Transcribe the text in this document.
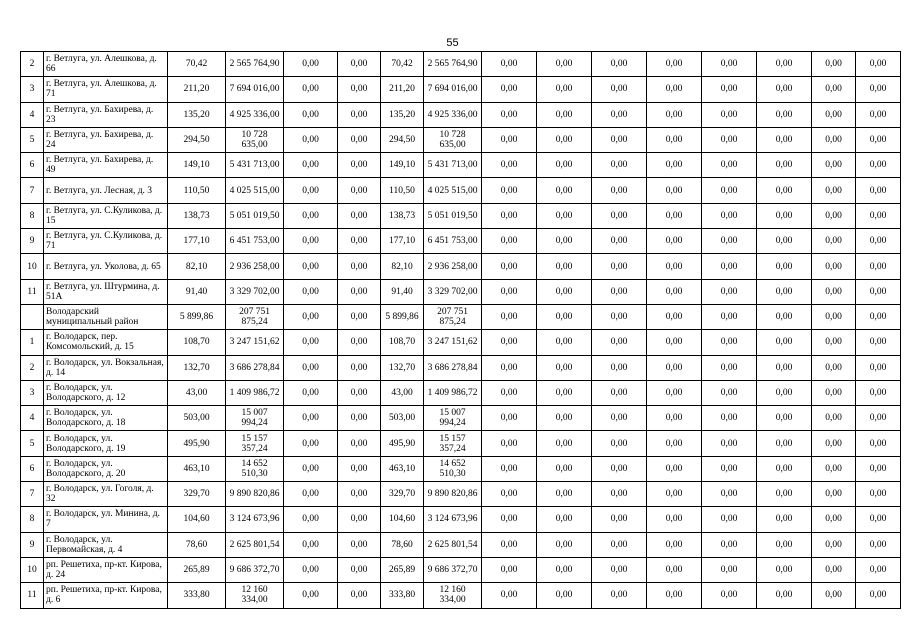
55
2	г. Ветлуга, ул. Алешкова, д. 66	70,42	2 565 764,90	0,00	0,00	70,42	2 565 764,90	0,00	0,00	0,00	0,00	0,00	0,00	0,00	0,00
3	г. Ветлуга, ул. Алешкова, д. 71	211,20	7 694 016,00	0,00	0,00	211,20	7 694 016,00	0,00	0,00	0,00	0,00	0,00	0,00	0,00	0,00
4	г. Ветлуга, ул. Бахирева, д. 23	135,20	4 925 336,00	0,00	0,00	135,20	4 925 336,00	0,00	0,00	0,00	0,00	0,00	0,00	0,00	0,00
5	г. Ветлуга, ул. Бахирева, д. 24	294,50	10 728 635,00	0,00	0,00	294,50	10 728 635,00	0,00	0,00	0,00	0,00	0,00	0,00	0,00	0,00
6	г. Ветлуга, ул. Бахирева, д. 49	149,10	5 431 713,00	0,00	0,00	149,10	5 431 713,00	0,00	0,00	0,00	0,00	0,00	0,00	0,00	0,00
7	г. Ветлуга, ул. Лесная, д. 3	110,50	4 025 515,00	0,00	0,00	110,50	4 025 515,00	0,00	0,00	0,00	0,00	0,00	0,00	0,00	0,00
8	г. Ветлуга, ул. С.Куликова, д. 15	138,73	5 051 019,50	0,00	0,00	138,73	5 051 019,50	0,00	0,00	0,00	0,00	0,00	0,00	0,00	0,00
9	г. Ветлуга, ул. С.Куликова, д. 71	177,10	6 451 753,00	0,00	0,00	177,10	6 451 753,00	0,00	0,00	0,00	0,00	0,00	0,00	0,00	0,00
10	г. Ветлуга, ул. Уколова, д. 65	82,10	2 936 258,00	0,00	0,00	82,10	2 936 258,00	0,00	0,00	0,00	0,00	0,00	0,00	0,00	0,00
11	г. Ветлуга, ул. Штурмина, д. 51А	91,40	3 329 702,00	0,00	0,00	91,40	3 329 702,00	0,00	0,00	0,00	0,00	0,00	0,00	0,00	0,00
	Володарский муниципальный район	5 899,86	207 751 875,24	0,00	0,00	5 899,86	207 751 875,24	0,00	0,00	0,00	0,00	0,00	0,00	0,00	0,00
1	г. Володарск, пер. Комсомольский, д. 15	108,70	3 247 151,62	0,00	0,00	108,70	3 247 151,62	0,00	0,00	0,00	0,00	0,00	0,00	0,00	0,00
2	г. Володарск, ул. Вокзальная, д. 14	132,70	3 686 278,84	0,00	0,00	132,70	3 686 278,84	0,00	0,00	0,00	0,00	0,00	0,00	0,00	0,00
3	г. Володарск, ул. Володарского, д. 12	43,00	1 409 986,72	0,00	0,00	43,00	1 409 986,72	0,00	0,00	0,00	0,00	0,00	0,00	0,00	0,00
4	г. Володарск, ул. Володарского, д. 18	503,00	15 007 994,24	0,00	0,00	503,00	15 007 994,24	0,00	0,00	0,00	0,00	0,00	0,00	0,00	0,00
5	г. Володарск, ул. Володарского, д. 19	495,90	15 157 357,24	0,00	0,00	495,90	15 157 357,24	0,00	0,00	0,00	0,00	0,00	0,00	0,00	0,00
6	г. Володарск, ул. Володарского, д. 20	463,10	14 652 510,30	0,00	0,00	463,10	14 652 510,30	0,00	0,00	0,00	0,00	0,00	0,00	0,00	0,00
7	г. Володарск, ул. Гоголя, д. 32	329,70	9 890 820,86	0,00	0,00	329,70	9 890 820,86	0,00	0,00	0,00	0,00	0,00	0,00	0,00	0,00
8	г. Володарск, ул. Минина, д. 7	104,60	3 124 673,96	0,00	0,00	104,60	3 124 673,96	0,00	0,00	0,00	0,00	0,00	0,00	0,00	0,00
9	г. Володарск, ул. Первомайская, д. 4	78,60	2 625 801,54	0,00	0,00	78,60	2 625 801,54	0,00	0,00	0,00	0,00	0,00	0,00	0,00	0,00
10	рп. Решетиха, пр-кт. Кирова, д. 24	265,89	9 686 372,70	0,00	0,00	265,89	9 686 372,70	0,00	0,00	0,00	0,00	0,00	0,00	0,00	0,00
11	рп. Решетиха, пр-кт. Кирова, д. 6	333,80	12 160 334,00	0,00	0,00	333,80	12 160 334,00	0,00	0,00	0,00	0,00	0,00	0,00	0,00	0,00
